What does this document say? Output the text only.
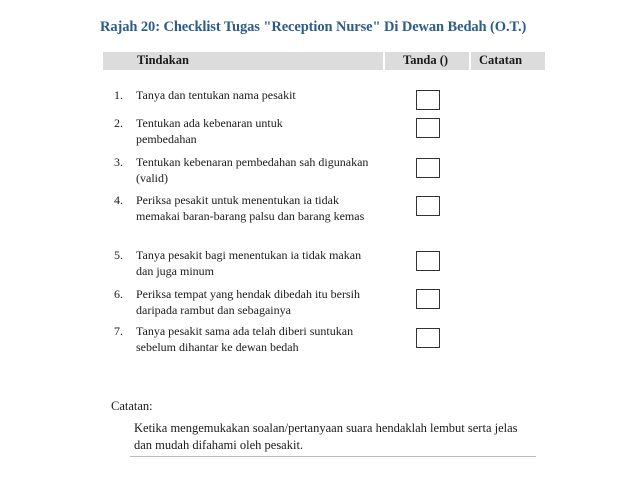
Rajah 20: Checklist Tugas "Reception Nurse" Di Dewan Bedah (O.T.)
Tindakan	Tanda () Catatan
1. Tanya dan tentukan nama pesakit
2. Tentukan ada kebenaran untuk pembedahan
3. Tentukan kebenaran pembedahan sah digunakan (valid)
4. Periksa pesakit untuk menentukan ia tidak memakai baran-barang palsu dan barang kemas
5. Tanya pesakit bagi menentukan ia tidak makan dan juga minum
6. Periksa tempat yang hendak dibedah itu bersih daripada rambut dan sebagainya
7. Tanya pesakit sama ada telah diberi suntukan sebelum dihantar ke dewan bedah
Catatan:
Ketika mengemukakan soalan/pertanyaan suara hendaklah lembut serta jelas dan mudah difahami oleh pesakit.
